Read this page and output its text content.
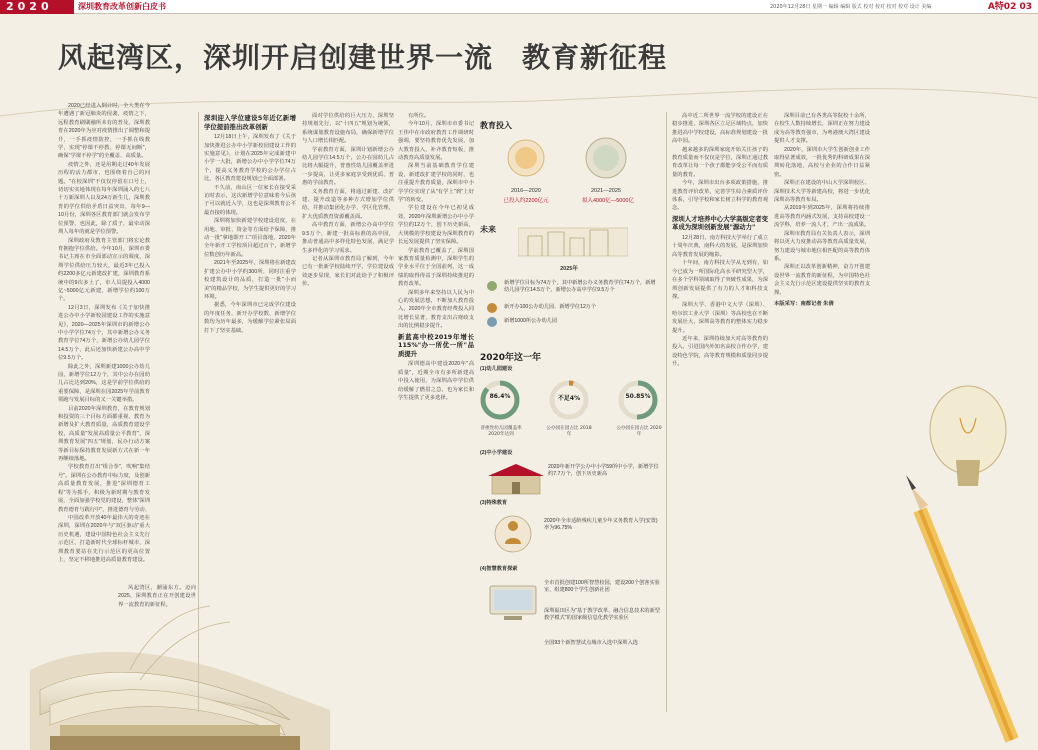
2020	深圳教育改革创新白皮书	2020年12月28日 星期一 编辑 编辑 版式 校对 校对 校对 校对 设计 美编	A特02 03
风起湾区，深圳开启创建世界一流　教育新征程

2020已经进入倒计时，全人类在今年遭遇了新冠肺炎的侵袭，疫情之下，远程教育刷刷融所未有的普及，深圳教育在2020年为应对疫情推出了调整和提升，一手抓疫情防控，一手抓在线教学，实现"停课不停教、停课无间断"，确保"学课不停学"的全覆盖、高质量。

疫情之外，还是用期走过40年发展历程的活力都市，也围绕着自己的问题。"在校深圳"不仅仅停留在口号上，切切实实地体现在每年深圳涌入的七八十万新深圳人以及24万新生儿，深圳教育的学位供给矛盾日益突出，每年9—10月份，深圳各区教育部门就会发布学位预警，也因此，除了质子，最牵动深圳人每年的就是学位预警。

深圳政府及教育主管部门将宏论教育拥抱学位供给。今年10月，深圳市委书记主席在市全面部动宣示的调度，深圳学位供给压力较大，最近3年已投入约2200多亿元新建改扩建，深圳教育系统中的9次多上了，市人员提投入4000亿~5000亿元新建，新增学位约100万个。

12月3日，深圳发布《关于加快推进公办中小学新校园建设工作的实施意见》，2020—2025年深圳市的新增公办中小学学位74万个，其中新增公办义务教育学位74万个，新增公办幼儿园学位14.5万个，此后还加快新建公办高中学位9.5万个。

除此之外，深圳新建1000公办幼儿园，新增学位12万个，其中公办在园幼儿占比达到20%，这是学前学位供给的重要保障，是深圳在园2025年学前教育领跑与发展目标的又一关键举措。

目前2020年深圳教育，在教育规划和投资的三个目标方面都重视，教育为新增及扩大教育质量，高质教育建设学校，高质量"发展高质量公平教育"，深圳教育发展"四五"规划，民办行动方案等新目标保持教育发展新方式在新一年再继续落地。

学校教育打出"组合拳"，吹响"集结号"。深圳在公办教育中标力度，及创新高质量教育发展，推进"深圳德育工程"等为抓手，积极为新时期与教育发展，全面加强学校党的建设，整体"深圳教育德育与践行中"，推进德育与劳动、

中国改革开放40年最伟大的奇迹在深圳，深圳在2020年与"双区驱动"重大历史机遇，建设中国特色社会主义先行示范区，打造新时代全球标杆城市，深圳教育要站在先行示范区的更高位置上，坚定不移地推进高质量教育建设。

风起湾区，潮涌东方。迈向2025，深圳教育正在开创建设世界一流教育的新征程。

深圳迎入学位建设5年近亿新增学位提前推出改革创新

12月18日上午，深圳发布了《关于加快推进公办中小学新校园建设工作的实施意见》，计划在2025年完成新建中小学一大批，新增公办中小学学位74万个，提高义务教育学校的公办学位占比，各区教育建设规划已全面部署。

不久前，南山区一位家长在接受采访时表示，这次新增学位意味着今后孩子可以就近入学，这也是深圳教育公平最直接的体现。

深圳将加快新建学校建设进度，在用地、审批、资金等方面给予保障，推动一批"拿地即开工"项目落地，2020年全年新开工学校项目超过百个，新增学位数创历年新高。

2021年至2025年，深圳将在新建改扩建公办中小学约300所，同时注重学校建筑设计的品质，打造一批"小而美"的精品学校，为学生提供更好的学习环境。

据悉，今年深圳市已完成学位建设的年度任务，新开办学校数、新增学位数均为历年最多，为缓解学位紧张局面打下了坚实基础。

面对学位供给的巨大压力，深圳坚持规划先行，以"十四五"规划为统领，系统谋划教育设施布局，确保新增学位与人口增长相匹配。

学前教育方面，深圳计划新增公办幼儿园学位14.5万个，公办在园幼儿占比将大幅提升，普惠性幼儿园覆盖率进一步提高，让更多家庭享受到优质、普惠的学前教育。

义务教育方面，将通过新建、改扩建、提升改造等多种方式增加学位供给，并推动集团化办学、学区化管理，扩大优质教育资源覆盖面。

高中教育方面，新增公办高中学位9.5万个，新建一批高标准的高中园，推动普通高中多样化特色发展，满足学生多样化的学习需求。

记者从深圳市教育局了解到，今年已有一批新学校陆续开学，学位建设成效逐步显现，家长们对此给予了积极评价。

有所位。

今年10月，深圳市市委书记王伟中在市政府教育工作调研时强调，要坚持教育优先发展，加大教育投入，补齐教育短板，推动教育高质量发展。

深圳当前基础教育学位建设，新建改扩建学校的同时，也注重提升教育质量，深圳市中小学学位实现了从"有学上"到"上好学"的转变。

学位建设在今年已初见成效，2020年深圳新增公办中小学学位约12万个，创下历史新高，大规模的学校建设为深圳教育的长远发展提供了坚实保障。

学前教育已覆盖了，深圳国家教育质量检测中，深圳学生的学业水平位于全国前列，这一成绩的取得得益于深圳持续推进的教育改革。

深圳多年来坚持以人民为中心的发展思想，不断加大教育投入，2020年全市教育经费投入同比增长显著，教育支出占财政支出的比例稳步提升。

新蓝高中校2019年增长115%"办一所优一所"品质提升

深圳德高中建设2020年"高质量"，近期全市有多所新建高中投入使用，为深圳高中学位供给缓解了燃眉之急，也为家长和学生提供了更多选择。

教育投入
2016—2020
已投入约2200亿元
2021—2025
拟入4000亿—5000亿
未来
2025年
新增学位目标为74万个，其中新增公办义务教育学位74万个，新增幼儿园学位14.5万个，新增公办高中学位9.5万个
新开办100公办幼儿园、新增学位12万个
新增1000所公办幼儿园
2020年这一年
(1)幼儿园建设
86.4%	不足4%	50.85%
普惠性幼儿园覆盖率 2020年达到
公办园在园占比 2018年
公办园在园占比 2020年
(2)中小学建设
2020年新开学公办中小学59所中小学，新增学位约7.7万个，创下历史新高
(3)特殊教育
2020年全市适龄残疾儿童少年义务教育入学(安置)率为96.75%
(4)智慧教育探索
全市首批创建100所智慧校园，建设200个创客实验室，组建800个学生创新社团
深圳福田区为"基于教学改革、融合信息技术的新型教学模式"的国家级信息化教学实验区
全国93个新智慧试点城市入选中深圳入选

高中近二所世界一流学校的建设正在稳步推进，深圳各区立足区域特点，加快推进高中学校建设，高标准规划建设一批高中园。

越来越多的深圳家庭开始关注孩子的教育质量而不仅仅是学位，深圳正通过教育改革让每一个孩子都能享受公平而有质量的教育。

今年，深圳市出台多项政策措施，推进教育评价改革，完善学生综合素质评价体系，引导学校和家长树立科学的教育观念。

深圳人才培养中心大学高级定者变革成为深圳创新发展"源动力"

12月28日，南方科技大学举行了成立十周年庆典，南科大的发展，是深圳加快高等教育发展的缩影。

十年间，南方科技大学从无到有，如今已成为一所国际化高水平研究型大学，在多个学科领域取得了突破性成果，为深圳创新发展提供了有力的人才和科技支撑。

深圳大学、香港中文大学（深圳）、哈尔滨工业大学（深圳）等高校也在不断发展壮大，深圳高等教育的整体实力稳步提升。

近年来，深圳持续加大对高等教育的投入，引进国内外知名高校合作办学，建设特色学院，高等教育规模和质量同步提升。

深圳目前已有各类高等院校十余所，在校生人数持续增长，深圳正在努力建设成为高等教育强市，为粤港澳大湾区建设提供人才支撑。

2020年，深圳市大学生创新创业工作取得显著成效，一批优秀的科研成果在深圳转化落地，高校与企业的合作日益紧密。

深圳正在建设的中山大学深圳校区、深圳技术大学等新建高校，将进一步优化深圳高等教育布局。

从2019年到2025年，深圳将持续推进高等教育内涵式发展，支持高校建设一流学科，培养一流人才，产出一流成果。

深圳市教育局有关负责人表示，深圳将以更大力度推动高等教育高质量发展，努力建设与城市地位相匹配的高等教育体系。

深圳正以改革创新精神，奋力开创建设世界一流教育的新征程，为中国特色社会主义先行示范区建设提供坚实的教育支撑。

本版采写：南都记者 朱倩
